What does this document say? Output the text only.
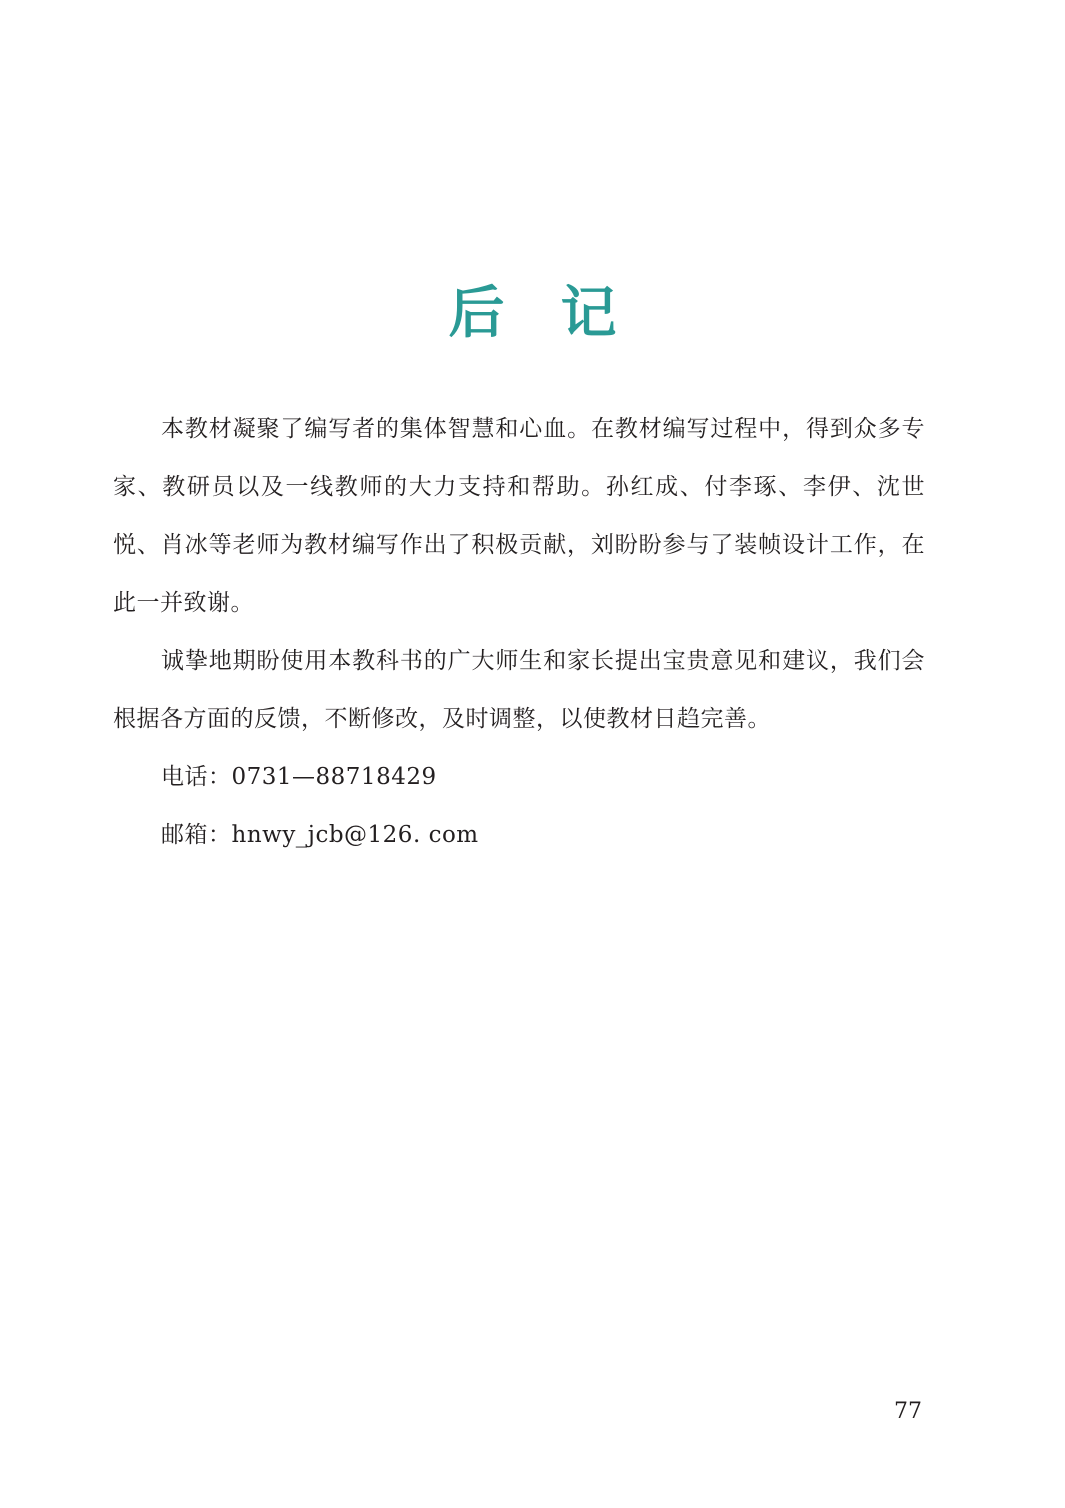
后记

本教材凝聚了编写者的集体智慧和心血。在教材编写过程中，得到众多专家、教研员以及一线教师的大力支持和帮助。孙红成、付李琢、李伊、沈世悦、肖冰等老师为教材编写作出了积极贡献，刘盼盼参与了装帧设计工作，在此一并致谢。

诚挚地期盼使用本教科书的广大师生和家长提出宝贵意见和建议，我们会根据各方面的反馈，不断修改，及时调整，以使教材日趋完善。

电话：0731—88718429

邮箱：hnwy_jcb@126. com

77
